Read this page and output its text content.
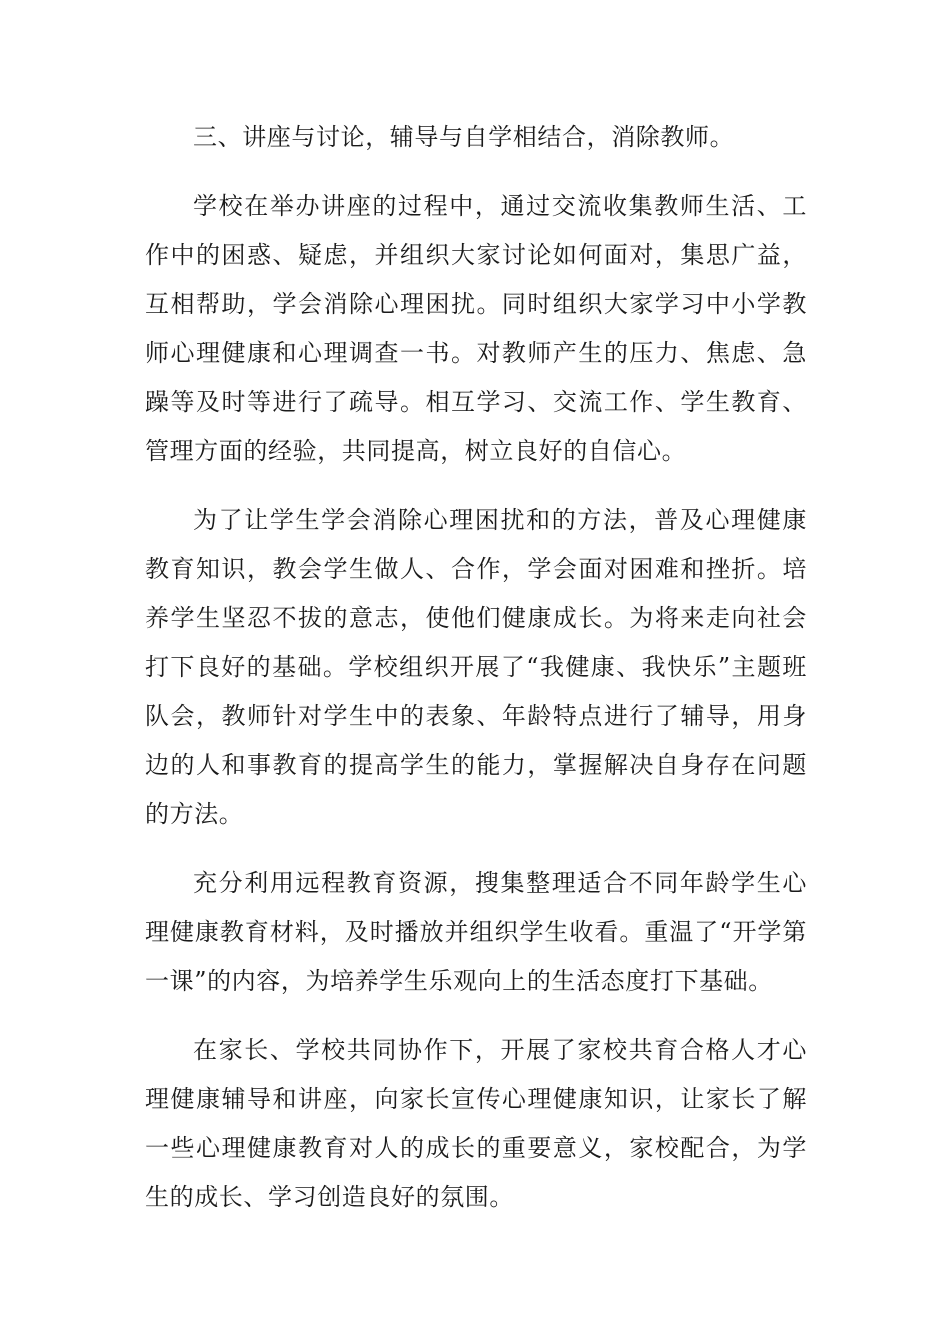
三、讲座与讨论，辅导与自学相结合，消除教师。

学校在举办讲座的过程中，通过交流收集教师生活、工作中的困惑、疑虑，并组织大家讨论如何面对，集思广益，互相帮助，学会消除心理困扰。同时组织大家学习中小学教师心理健康和心理调查一书。对教师产生的压力、焦虑、急躁等及时等进行了疏导。相互学习、交流工作、学生教育、管理方面的经验，共同提高，树立良好的自信心。

为了让学生学会消除心理困扰和的方法，普及心理健康教育知识，教会学生做人、合作，学会面对困难和挫折。培养学生坚忍不拔的意志，使他们健康成长。为将来走向社会打下良好的基础。学校组织开展了“我健康、我快乐”主题班队会，教师针对学生中的表象、年龄特点进行了辅导，用身边的人和事教育的提高学生的能力，掌握解决自身存在问题的方法。

充分利用远程教育资源，搜集整理适合不同年龄学生心理健康教育材料，及时播放并组织学生收看。重温了“开学第一课”的内容，为培养学生乐观向上的生活态度打下基础。

在家长、学校共同协作下，开展了家校共育合格人才心理健康辅导和讲座，向家长宣传心理健康知识，让家长了解一些心理健康教育对人的成长的重要意义，家校配合，为学生的成长、学习创造良好的氛围。
